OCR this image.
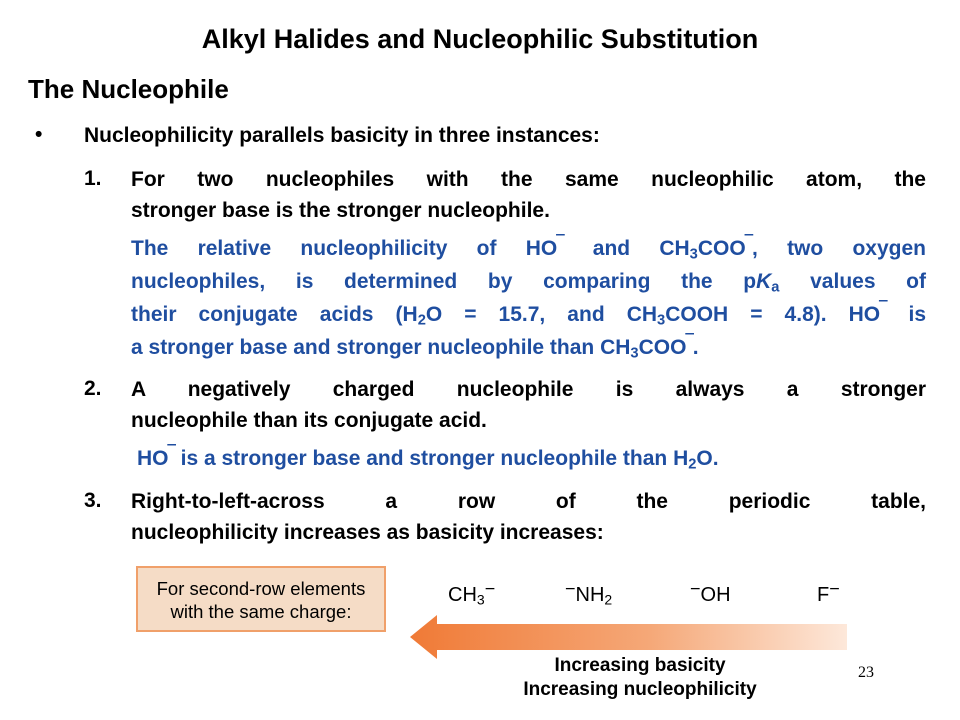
Alkyl Halides and Nucleophilic Substitution
The Nucleophile
• Nucleophilicity parallels basicity in three instances:
1. For two nucleophiles with the same nucleophilic atom, the
stronger base is the stronger nucleophile.
The relative nucleophilicity of HO‾ and $CH_3COO^‾$, two oxygen
nucleophiles, is determined by comparing the $pK_a$ values of
their conjugate acids ($H_2O = 15.7$, and $CH_3COOH = 4.8$). HO‾ is
a stronger base and stronger nucleophile than $CH_3COO^‾$.
2. A negatively charged nucleophile is always a stronger
nucleophile than its conjugate acid.
HO‾ is a stronger base and stronger nucleophile than $H_2O$.
3. Right-to-left-across a row of the periodic table,
nucleophilicity increases as basicity increases:
For second-row elements
with the same charge:
$CH_3^-$	$^-NH_2$
−OH	F−
Increasing basicity
Increasing nucleophilicity
23
